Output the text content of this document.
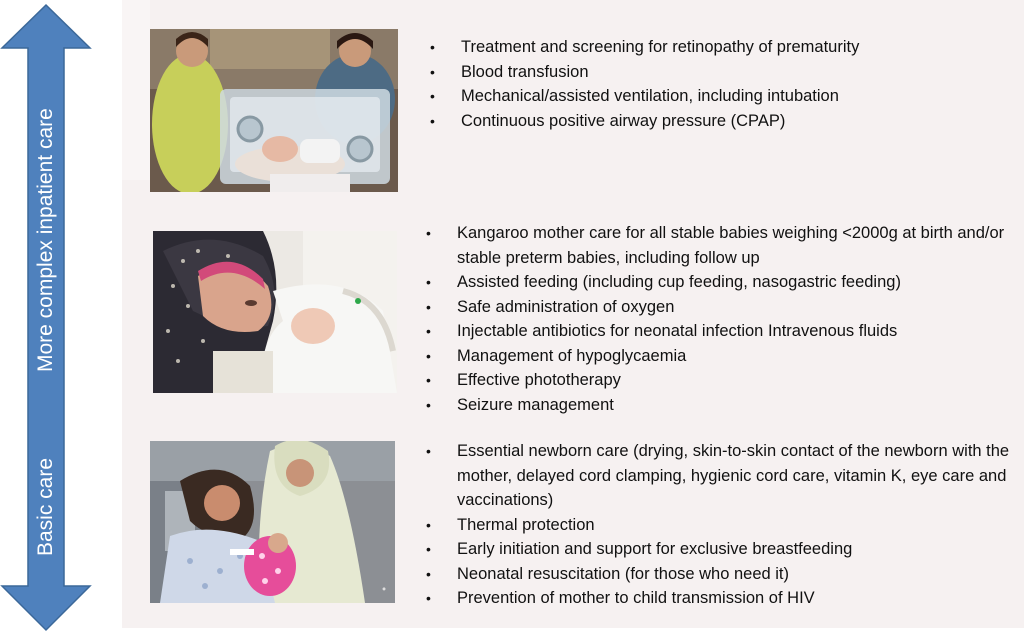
More complex inpatient care
Basic care
●
• Treatment and screening for retinopathy of prematurity
• Blood transfusion
• Mechanical/assisted ventilation, including intubation
• Continuous positive airway pressure (CPAP)
• Kangaroo mother care for all stable babies weighing <2000g at birth and/or stable preterm babies, including follow up
• Assisted feeding (including cup feeding, nasogastric feeding)
• Safe administration of oxygen
• Injectable antibiotics for neonatal infection Intravenous fluids
• Management of hypoglycaemia
• Effective phototherapy
• Seizure management
• Essential newborn care (drying, skin-to-skin contact of the newborn with the mother, delayed cord clamping, hygienic cord care, vitamin K, eye care and vaccinations)
• Thermal protection
• Early initiation and support for exclusive breastfeeding
• Neonatal resuscitation (for those who need it)
• Prevention of mother to child transmission of HIV
